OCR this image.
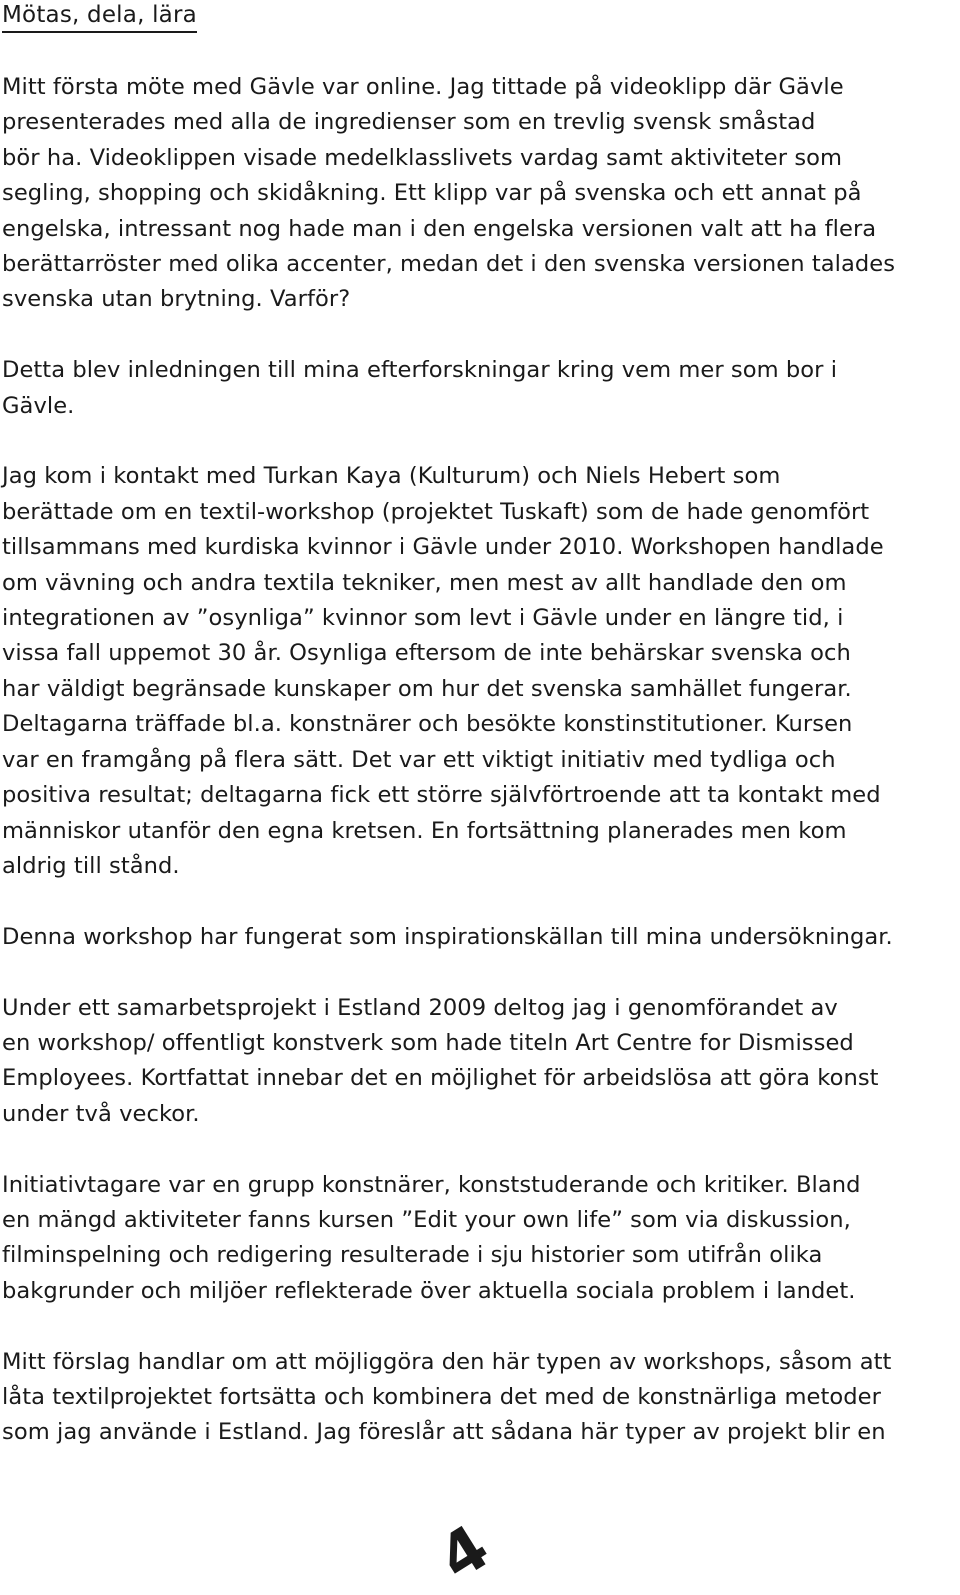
Mötas, dela, lära

Mitt första möte med Gävle var online. Jag tittade på videoklipp där Gävle
presenterades med alla de ingredienser som en trevlig svensk småstad
bör ha. Videoklippen visade medelklasslivets vardag samt aktiviteter som
segling, shopping och skidåkning. Ett klipp var på svenska och ett annat på
engelska, intressant nog hade man i den engelska versionen valt att ha flera
berättarröster med olika accenter, medan det i den svenska versionen talades
svenska utan brytning. Varför?

Detta blev inledningen till mina efterforskningar kring vem mer som bor i
Gävle.

Jag kom i kontakt med Turkan Kaya (Kulturum) och Niels Hebert som
berättade om en textil-workshop (projektet Tuskaft) som de hade genomfört
tillsammans med kurdiska kvinnor i Gävle under 2010. Workshopen handlade
om vävning och andra textila tekniker, men mest av allt handlade den om
integrationen av ”osynliga” kvinnor som levt i Gävle under en längre tid, i
vissa fall uppemot 30 år. Osynliga eftersom de inte behärskar svenska och
har väldigt begränsade kunskaper om hur det svenska samhället fungerar.
Deltagarna träffade bl.a. konstnärer och besökte konstinstitutioner. Kursen
var en framgång på flera sätt. Det var ett viktigt initiativ med tydliga och
positiva resultat; deltagarna fick ett större självförtroende att ta kontakt med
människor utanför den egna kretsen. En fortsättning planerades men kom
aldrig till stånd.

Denna workshop har fungerat som inspirationskällan till mina undersökningar.

Under ett samarbetsprojekt i Estland 2009 deltog jag i genomförandet av
en workshop/ offentligt konstverk som hade titeln Art Centre for Dismissed
Employees. Kortfattat innebar det en möjlighet för arbeidslösa att göra konst
under två veckor.

Initiativtagare var en grupp konstnärer, konststuderande och kritiker. Bland
en mängd aktiviteter fanns kursen ”Edit your own life” som via diskussion,
filminspelning och redigering resulterade i sju historier som utifrån olika
bakgrunder och miljöer reflekterade över aktuella sociala problem i landet.

Mitt förslag handlar om att möjliggöra den här typen av workshops, såsom att
låta textilprojektet fortsätta och kombinera det med de konstnärliga metoder
som jag använde i Estland. Jag föreslår att sådana här typer av projekt blir en

4
